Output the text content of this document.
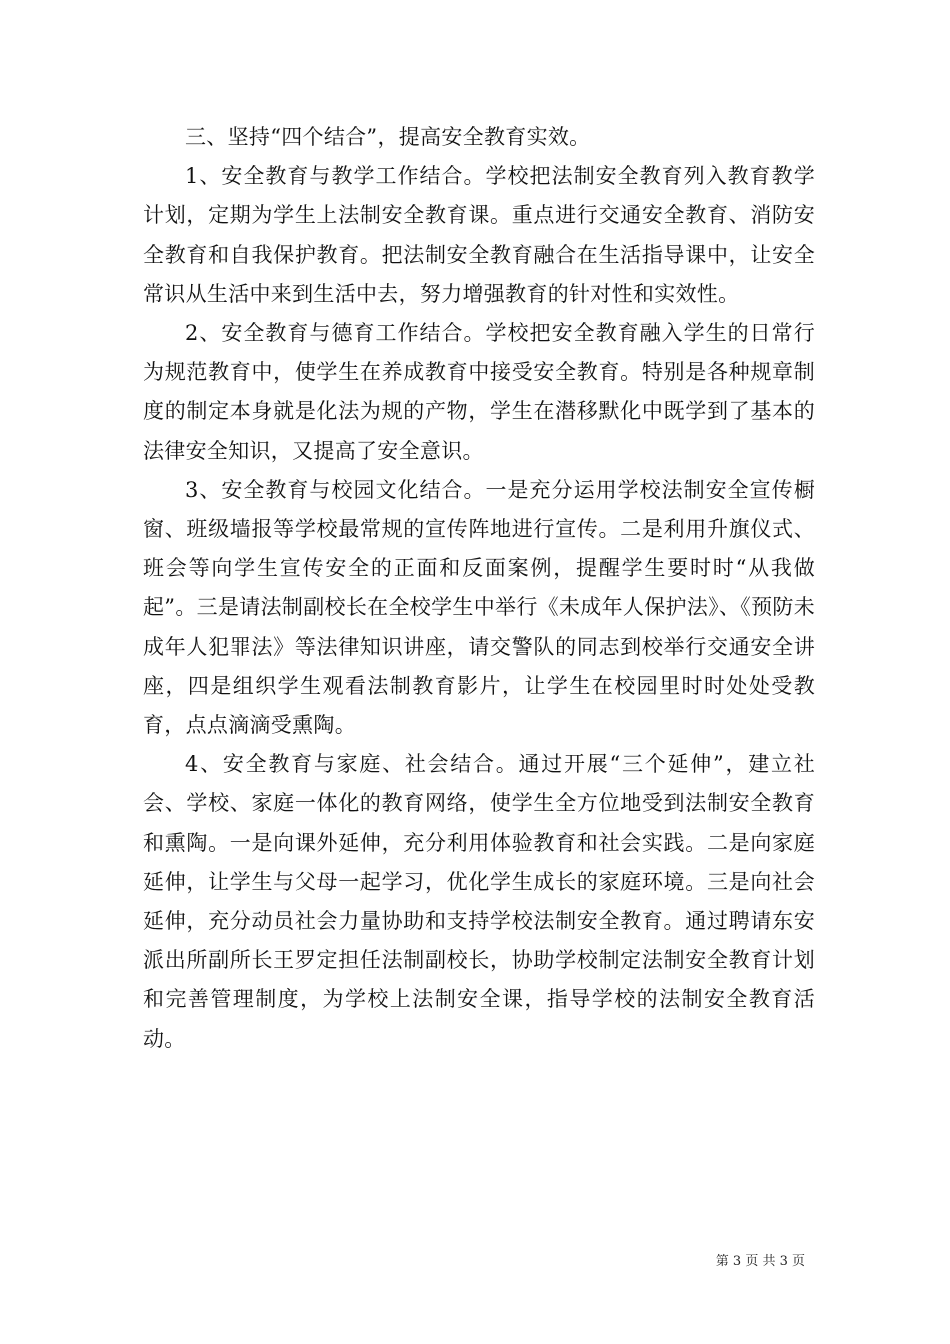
三、坚持“四个结合”，提高安全教育实效。

1、安全教育与教学工作结合。学校把法制安全教育列入教育教学计划，定期为学生上法制安全教育课。重点进行交通安全教育、消防安全教育和自我保护教育。把法制安全教育融合在生活指导课中，让安全常识从生活中来到生活中去，努力增强教育的针对性和实效性。

2、安全教育与德育工作结合。学校把安全教育融入学生的日常行为规范教育中，使学生在养成教育中接受安全教育。特别是各种规章制度的制定本身就是化法为规的产物，学生在潜移默化中既学到了基本的法律安全知识，又提高了安全意识。

3、安全教育与校园文化结合。一是充分运用学校法制安全宣传橱窗、班级墙报等学校最常规的宣传阵地进行宣传。二是利用升旗仪式、班会等向学生宣传安全的正面和反面案例，提醒学生要时时“从我做起”。三是请法制副校长在全校学生中举行《未成年人保护法》、《预防未成年人犯罪法》等法律知识讲座，请交警队的同志到校举行交通安全讲座，四是组织学生观看法制教育影片，让学生在校园里时时处处受教育，点点滴滴受熏陶。

4、安全教育与家庭、社会结合。通过开展“三个延伸”，建立社会、学校、家庭一体化的教育网络，使学生全方位地受到法制安全教育和熏陶。一是向课外延伸，充分利用体验教育和社会实践。二是向家庭延伸，让学生与父母一起学习，优化学生成长的家庭环境。三是向社会延伸，充分动员社会力量协助和支持学校法制安全教育。通过聘请东安派出所副所长王罗定担任法制副校长，协助学校制定法制安全教育计划和完善管理制度，为学校上法制安全课，指导学校的法制安全教育活动。

第 3 页 共 3 页
